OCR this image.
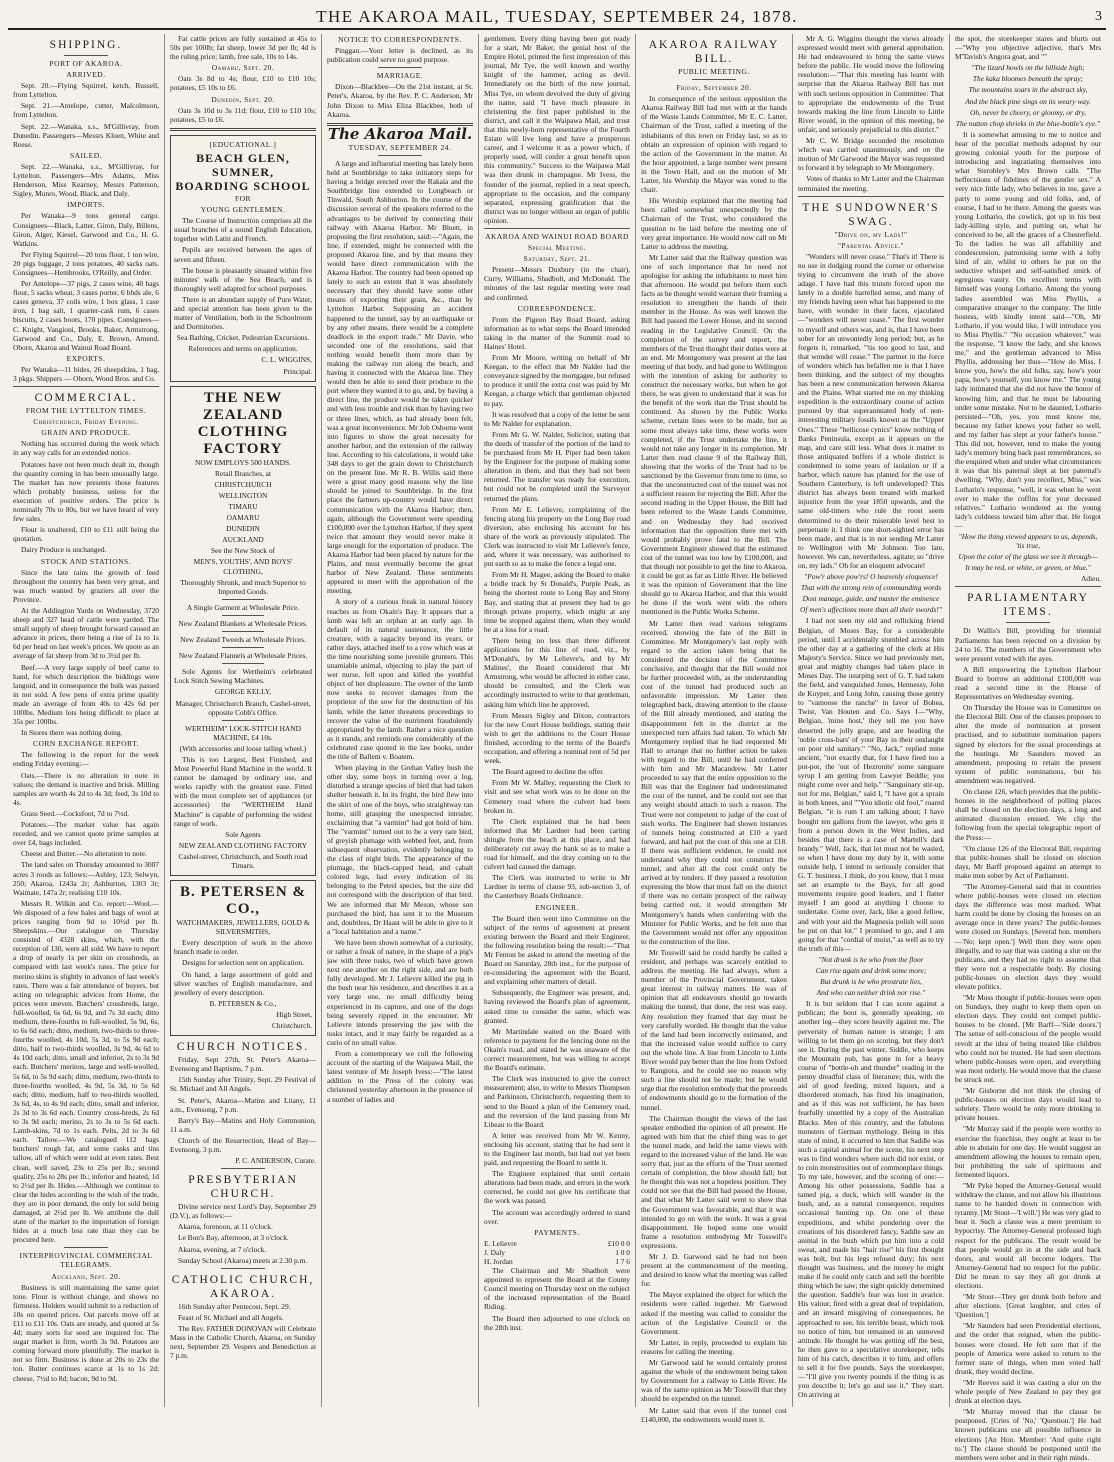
THE AKAROA MAIL, TUESDAY, SEPTEMBER 24, 1878.	3
SHIPPING.
PORT OF AKAROA.
ARRIVED.

Sept. 20.—Flying Squirrel, ketch, Russell, from Lyttelton.

Sept. 21.—Antelope, cutter, Malcolmson, from Lyttelton.

Sept. 22.—Wanaka, s.s., M'Gillivray, from Dunedin. Passengers—Messrs Kluen, White and Reese.

SAILED.

Sept. 22.—Wanaka, s.s., M'Gillivray, for Lyttelton. Passengers—Mrs Adams, Miss Henderson, Miss Kearney, Messrs Patterson, Sigley, Munro, Wood, Black, and Daly.

IMPORTS.

Per Wanaka—9 tons general cargo. Consignees—Black, Latter, Giron, Daly, Billens, Giron, Alger, Kiesel, Garwood and Co., H. G. Watkins.

Per Flying Squirrel—20 tons flour, 1 ton wire, 20 pigs luggage, 2 tons potatoes, 40 sacks oats. Consignees—Hembrooks, O'Reilly, and Order.

Per Antelope—37 pigs, 2 cases wine, 40 bags flour, 5 sacks wheat, 3 cases porter, 6 bhds ale, 6 cases geneva, 37 coils wire, 1 box glass, 1 case iron, 1 bag salt, 1 quarter-cask rum, 6 cases biscuits, 2 cases boots, 170 pipes. Consignees—C. Knight, Vangioni, Brooks, Baker, Armstrong, Garwood and Co., Daly, E. Brown, Amend, Oborn, Akaroa and Wainui Road Board.

EXPORTS.

Per Wanaka—11 bides, 26 sheepskins, 1 bag, 3 pkgs. Shippers — Oborn, Wood Bros. and Co.

COMMERCIAL.
FROM THE LYTTELTON TIMES.
Christchurch, Friday Evening.
GRAIN AND PRODUCE.

Nothing has occurred during the week which in any way calls for an extended notice.

Potatoes have not been much dealt in, though the quantity coming in has been unusually large. The market has now presents those features which probably business, unless for the execution of positive orders. The price is nominally 70s to 80s, but we have heard of very few sales.

Flour is unaltered, £10 to £11 still being the quotation.

Dairy Produce is unchanged.

STOCK AND STATIONS.

Since the late rains the growth of feed throughout the country has been very great, and was much wanted by graziers all over the Province.

At the Addington Yards on Wednesday, 3720 sheep and 327 head of cattle were yarded. The small supply of sheep brought forward caused an advance in prices, there being a rise of 1s to 1s 6d per head on last week's prices. We quote as an average of fat sheep from 3d to 3½d per lb.

Beef.—A very large supply of beef came to hand, for which description the biddings were languid, and in consequence the bulk was passed in not sold. A few pens of extra prime quality made an average of from 40s to 42s 6d per 100lbs. Medium lots being difficult to place at 35s per 100lbs.

In Stores there was nothing doing.

CORN EXCHANGE REPORT.

The following is the report for the week ending Friday evening:—

Oats.—There is no alteration to note in values; the demand is inactive and brisk. Milling samples are worth 4s 2d to 4s 3d; feed, 3s 10d to 4s.

Grass Seed.—Cocksfoot, 7d to 7½d.

Potatoes.—The market value has again receded, and we cannot quote prime samples at over £4, bags included.

Cheese and Butter.—No alteration to note.

The land sales on Thursday amounted to 3007 acres 3 roods as follows:—Ashley, 123; Selwyn, 250; Akaroa, 1243a 2r; Ashburton, 1303 3r; Waimate, 147a 2r; realising £10 10s.

Messrs R. Wilkin and Co. report:—Wool.—We disposed of a few bales and bags of wool at prices ranging from 9d to 10½d per lb. Sheepskins.—Our catalogue on Thursday consisted of 4328 skins, which, with the reception of 130, were all sold. We have to report a drop of nearly 1s per skin on crossbreds, as compared with last week's rates. The price for merino skins is slightly in advance of last week's rates. There was a fair attendance of buyers, but acting on telegraphic advices from Home, the prices were uneven. Butchers' crossbreds, large, full-woolled, 6s 6d, 6s 9d, and 7s 3d each; ditto medium, three-fourths to full-woolled, 5s 9d, 6s, to 6s 6d each; ditto, medium, two-thirds to three-fourths woolled, 4s 10d, 5s 3d, to 5s 9d each; ditto, half to two-thirds woolled, 3s 9d, 4s 6d to 4s 10d each; ditto, small and inferior, 2s to 3s 9d each. Butchers' merinos, large and well-woolled, 5s 6d, to 5s 9d each; ditto, medium, two-thirds to three-fourths woolled, 4s 9d, 5s 3d, to 5s 6d each; ditto, medium, half to two-thirds woolled, 3s 6d, 4s, to 4s 9d each; ditto, small and inferior, 2s 3d to 3s 6d each. Country cross-breds, 2s 6d to 3s 9d each; merino, 2s to 3s to 5s 6d each. Lamb-skins, 7d to 1s each. Pelts, 2d to 3s 6d each. Tallow.—We catalogued 112 bags butchers' rough fat, and some casks and tins tallow, all of which were sold at even rates. Best clean, well saved, 23s to 25s per lb.; second quality, 25s to 28s per lb.; inferior and heated, 1d to 2½d per lb. Hides.—Although we continue to clear the hides according to the wish of the trade, they are in poor demand, the only lot sold being damaged, at 2½d per lb. We attribute the dull state of the market to the importation of foreign hides at a much less rate than they can be procured here.

INTERPROVINCIAL COMMERCIAL TELEGRAMS.
Auckland, Sept. 20.

Business is still maintaining the same quiet tone. Flour is without change, and shows no firmness. Holders would submit to a reduction of 10s on quoted prices. Oat parcels move off at £11 to £11 10s. Oats are steady, and quoted at 5s 4d; many sorts for seed are inquired for. The sugar market is firm, worth 3s 9d. Potatoes are coming forward more plentifully. The market is not so firm. Business is done at 20s to 23s the ton. Butter continues scarce at 1s to 1s 2d; cheese, 7½d to 8d; bacon, 9d to 9d.

Fat cattle prices are fully sustained at 45s to 50s per 100lb; fat sheep, lower 3d per lb; 4d is the ruling price; lamb, free sale, 10s to 14s.

Oamaru, Sept. 20.

Oats 3s 8d to 4s; flour, £10 to £10 10s; potatoes, £5 10s to £6.

Dunedin, Sept. 20.

Oats 3s 10d to 3s 11d; flour, £10 to £10 10s; potatoes, £5 to £6.

[EDUCATIONAL.]
BEACH GLEN, SUMNER,
BOARDING SCHOOL
FOR
YOUNG GENTLEMEN.

The Course of Instruction comprises all the usual branches of a sound English Education, together with Latin and French.

Pupils are received between the ages of seven and fifteen.

The house is pleasantly situated within five minutes' walk of the Sea Beach, and is thoroughly well adapted for school purposes.

There is an abundant supply of Pure Water, and special attention has been given to the matter of Ventilation, both in the Schoolroom and Dormitories.

Sea Bathing, Cricket, Pedestrian Excursions.

References and terms on application.

C. L. WIGGINS,

Principal.

THE NEW ZEALAND CLOTHING FACTORY

NOW EMPLOYS 500 HANDS.

Retail Branches, at

CHRISTCHURCH

WELLINGTON

TIMARU

OAMARU

DUNEDIN

AUCKLAND

See the New Stock of

MEN'S, YOUTHS', AND BOYS' CLOTHING,

Thoroughly Shrunk, and much Superior to Imported Goods.

A Single Garment at Wholesale Price.

New Zealand Blankets at Wholesale Prices.

New Zealand Tweeds at Wholesale Prices.

New Zealand Flannels at Wholesale Prices.

Sole Agents for Wertheim's celebrated Lock Stitch Sewing Machines.

GEORGE KELLY,

Manager, Christchurch Branch, Cashel-street, opposite Cobb's Office.

WERTHEIM" LOCK-STITCH HAND MACHINE, £4 10s.

(With accessories and loose tailing wheel.)

This is too Largest, Best Finished, and Most Powerful Hand Machine in the world. It cannot be damaged by ordinary use, and works rapidly with the greatest ease. Fitted with the most complete set of appliances (or accessories) the "WERTHEIM Hand Machine" is capable of performing the widest range of work.

Sole Agents

NEW ZEALAND CLOTHING FACTORY

Cashel-street, Christchurch, and South road Timaru.

B. PETERSEN & CO.,

WATCHMAKERS, JEWELLERS, GOLD & SILVERSMITHS,

Every description of work in the above branch made to order.

Designs for selection sent on application.

On hand, a large assortment of gold and silver watches of English manufacture, and jewellery of every description.

B. PETERSEN & Co.,

High Street,

Christchurch.

CHURCH NOTICES.

Friday, Sept 27th, St. Peter's Akaroa—Evensong and Baptisms, 7 p.m.

15th Sunday after Trinity, Sept. 29 Festival of St. Michael and All Angels.

St. Peter's, Akaroa—Matins and Litany, 11 a.m., Evensong, 7 p.m.

Barry's Bay—Matins and Holy Communion, 11 a.m.

Church of the Resurrection, Head of Bay—Evensong, 3 p.m.

P. C. ANDERSON, Curate.

PRESBYTERIAN CHURCH.

Divine service next Lord's Day, September 29 (D.V.), as follows:—

Akaroa, forenoon, at 11 o'clock.

Le Bon's Bay, afternoon, at 3 o'clock.

Akaroa, evening, at 7 o'clock.

Sunday School (Akaroa) meets at 2.30 p.m.

CATHOLIC CHURCH, AKAROA.

16th Sunday after Pentecost, Sept. 29.

Feast of St. Michael and all Angels.

The Rev. FATHER DONOVAN will Celebrate Mass in the Catholic Church, Akaroa, on Sunday next, September 29. Vespers and Benediction at 7 p.m.

NOTICE TO CORRESPONDENTS.

Pinggan.—Your letter is declined, as its publication could serve no good purpose.

MARRIAGE.

Dixon—Blackbee—On the 21st instant, at St. Peter's, Akaroa, by the Rev. P. C. Anderson, Mr John Dixon to Miss Eliza Blackbee, both of Akaroa.

The Akaroa Mail.
TUESDAY, SEPTEMBER 24.

A large and influential meeting has lately been held at Southbridge to take initiatory steps for having a bridge erected over the Rakaia and the Southbridge line extended to Longbeach or Tinwald, South Ashburton. In the course of the discussion several of the speakers referred to the advantages to be derived by connecting their railway with Akaroa Harbor. Mr Bluett, in proposing the first resolution, said:—"Again, the line, if extended, might be connected with the proposed Akaroa line, and by that means they would have direct communication with the Akaroa Harbor. The country had been opened up lately to such an extent that it was absolutely necessary that they should have some other means of exporting their grain, &c., than by Lyttelton Harbor. Supposing an accident happened to the tunnel, say by an earthquake or by any other means, there would be a complete deadlock in the export trade." Mr Davie, who seconded one of the resolutions, said that nothing would benefit them more than by making the railway run along the beach, and having it connected with the Akaroa line. They would then be able to send their produce to the port where they wanted it to go, and, by having a direct line, the produce would be taken quicker and with less trouble and risk than by having two or three lines, which, as had already been felt, was a great inconvenience. Mr Job Osborne went into figures to show the great necessity for another harbor, and the extension of the railway line. According to his calculations, it would take 348 days to get the grain down to Christchurch on the present line. Mr R. B. Willis said there were a great many good reasons why the line should be joined to Southbridge. In the first place the farmers up-country would have direct communication with the Akaroa Harbor; then, again, although the Government were spending £100,000 over the Lyttelton Harbor, if they spent twice that amount they would never make it large enough for the exportation of produce. The Akaroa Harbor had been placed by nature for the Plains, and must eventually become the great harbor of New Zealand. These sentiments appeared to meet with the approbation of the meeting.

A story of a curious freak in natural history reaches us from Okain's Bay. It appears that a lamb was left an orphan at an early age. In default of its natural sustenance, the little creature, with a sagacity beyond its years, or rather days, attached itself to a cow which was at the time nourishing some juvenile grunters. This unamiable animal, objecting to play the part of wet nurse, fell upon and killed the youthful object of her displeasure. The owner of the lamb now seeks to recover damages from the proprietor of the sow for the destruction of his lamb, while the latter threatens proceedings to recover the value of the nutriment fraudulently appropriated by the lamb. Rather a nice question as it stands, and reminds one considerably of the celebrated case quoted in the law books, under the title of Ballem v. Boatem.

When playing in the Grehan Valley bush the other day, some boys in turning over a log, disturbed a strange species of bird that had taken shelter beneath it. In its fright, the bird flew into the skirt of one of the boys, who straightway ran home, still grasping the unexpected intruder, exclaiming that "a varmint" had got hold of him. The "varmint" turned out to be a very rare bird, of greyish plumage with webbed feet, and, from subsequent observation, evidently belonging to the class of night birds. The appearance of the plumage, the black-capped head, and cabalt colored legs, had every indication of its belonging to the Petrel species, but the size did not correspond with the description of that bird. We are informed that Mr Meson, whose son purchased the bird, has sent it to the Museum and, doubtless, Dr Haast will be able to give to it a "local habitation and a name."

We have been shown somewhat of a curiosity, or rather a freak of nature, in the shape of a pig's jaw with three tusks, two of which have grown next one another on the right side, and are both fully developed. Mr J. Lelievre killed the pig in the bush near his residence, and describes it as a very large one, no small difficulty being experienced in its capture, and one of the dogs being severely ripped in the encounter. Mr Lelievre intends preserving the jaw with the tusks intact, and it may fairly be regarded as a curio of no small value.

From a contemporary we cull the following account of the starting of the Waipawa Mail, the latest venture of Mr Joseph Ivess:—"The latest addition to the Press of the colony was christened yesterday afternoon in the presence of a number of ladies and

gentlemen. Every thing having been got ready for a start, Mr Baker, the genial host of the Empire Hotel, printed the first impression of this journal, Mr Tye, the well known and worthy knight of the hammer, acting as devil. Immediately on the birth of the new journal, Miss Tye, on whom devolved the duty of giving the name, said "I have much pleasure in christening the first paper published in the district, and call it the Waipawa Mail, and trust that this newly-born representative of the Fourth Estate will live long and have a prosperous career, and I welcome it as a power which, if properly used, will confer a great benefit upon this community." Success to the Waipawa Mail was then drunk in champagne. Mr Ivess, the founder of the journal, replied in a neat speech, appropriate to the occasion, and the company separated, expressing gratification that the district was no longer without an organ of public opinion.

AKAROA AND WAINUI ROAD BOARD
Special Meeting.
Saturday, Sept. 21.

Present—Messrs Duxbury (in the chair), Curry, Williams, Shadbolt, and McDonald. The minutes of the last regular meeting were read and confirmed.

CORRESPONDENCE.

From the Pigeon Bay Road Board, asking information as to what steps the Board intended taking in the matter of the Summit road to Haines' Hotel.

From Mr Moore, writing on behalf of Mr Keegan, to the effect that Mr Nalder had the conveyance signed by the mortgagee, but refused to produce it until the extra cost was paid by Mr Keegan, a charge which that gentleman objected to pay.

It was resolved that a copy of the letter be sent to Mr Nalder for explanation.

From Mr G. W. Nalder, Solicitor, stating that the deeds of transfer of the portion of the land to be purchased from Mr H. Piper had been taken by the Engineer for the purpose of making some alteration in them, and that they had not been returned. The transfer was ready for execution, but could not be completed until the Surveyor returned the plans.

From Mr E. Lelievre, complaining of the fencing along his property on the Long Bay road diversion, also enclosing his account for his share of the work as previously stipulated. The Clerk was instructed to visit Mr Lelievre's fence, and, where it was necessary, was authorised to put earth so as to make the fence a legal one.

From Mr H. Magee, asking the Board to make a bridle track by St Donald's, Purple Peak, as being the shortest route to Long Bay and Stony Bay, and stating that at present they had to go through private property, which might at any time be stopped against them, when they would be at a loss for a road.

There being no less than three different applications for this line of road, viz., by M'Donald's, by Mr Lelievre's, and by Mr Malines', the Board considered that Mr Armstrong, who would be affected in either case, should be consulted, and the Clerk was accordingly instructed to write to that gentleman, asking him which line he approved.

From Messrs Sigley and Dixon, contractors for the new Court House buildings, stating their wish to get the additions to the Court House finished, according to the terms of the Board's occupation, and offering a nominal rent of 5d per week.

The Board agreed to decline the offer.

From Mr W. Malley, requesting the Clerk to visit and see what work was to be done on the Cemetery road where the culvert had been broken in.

The Clerk explained that he had been informed that Mr Lardner had been carting shingle from the beach at this place, and had deliberately cut away the bank so as to make a road for himself, and the dray coming on to the culvert had caused the damage.

The Clerk was instructed to write to Mr Lardner in terms of clause 93, sub-section 3, of the Canterbury Roads Ordinance.

ENGINEER.

The Board then went into Committee on the subject of the terms of agreement at present existing between the Board and their Engineer, the following resolution being the result:—"That Mr Fenton be asked to attend the meeting of the Board on Saturday, 28th inst., for the purpose of re-considering the agreement with the Board, and explaining other matters of detail.

Subsequently, the Engineer was present, and, having reviewed the Board's plan of agreement, asked time to consider the same, which was granted.

Mr Martindale waited on the Board with reference to payment for the fencing done on the Okain's road, and stated he was unaware of the correct measurement, but was willing to accept the Board's estimate.

The Clerk was instructed to give the correct measurement; also, to write to Messrs Thompson and Parkinson, Christchurch, requesting them to send to the Board a plan of the Cemetery road, and the reversion of the land passing from Mr Libeau to the Board.

A letter was received from Mr W. Kenny, enclosing his account, stating that he had sent it to the Engineer last month, but had not yet been paid, and requesting the Board to settle it.

The Engineer explained that until certain alterations had been made, and errors in the work corrected, he could not give his certificate that the work was passed.

The account was accordingly ordered to stand over.

PAYMENTS.
E. Lelievre	£10 0 0
J. Daly	1 0 0
H. Jordan	1 7 6

The Chairman and Mr Shadbolt were appointed to represent the Board at the County Council meeting on Thursday next on the subject of the increased representation of the Board Riding.

The Board then adjourned to one o'clock on the 28th inst.

AKAROA RAILWAY BILL.
PUBLIC MEETING.
Friday, September 20.

In consequence of the serious opposition the Akaroa Railway Bill had met with at the hands of the Waste Lands Committee, Mr E. C. Latter, Chairman of the Trust, called a meeting of the inhabitants of this town on Friday last, so as to obtain an expression of opinion with regard to the action of the Government in the matter. At the hour appointed, a large number were present in the Town Hall, and on the motion of Mr Latter, his Worship the Mayor was voted to the chair.

His Worship explained that the meeting had been called somewhat unexpectedly by the Chairman of the Trust, who considered the question to be laid before the meeting one of very great importance. He would now call on Mr Latter to address the meeting.

Mr Latter said that the Railway question was one of such importance that he need not apologise for asking the inhabitants to meet him that afternoon. He would put before them such facts as he thought would warrant their framing a resolution to strengthen the hands of their member in the House. As was well known the Bill had passed the Lower House, and its second reading in the Legislative Council. On the completion of the survey and report, the members of the Trust thought their duties were at an end. Mr Montgomery was present at the last meeting of that body, and had gone to Wellington with the intention of asking for authority to construct the necessary works, but when he got there, he was given to understand that it was for the benefit of the work that the Trust should be continued. As shown by the Public Works scheme, certain lines were to be made, but as some must always take time, these works were completed, if the Trust undertake the line, it would not take any longer in its completion. Mr Latter then read clause 9 of the Railway Bill, showing that the works of the Trust had to be sanctioned by the Governor from time to time, so that the unconstructed cost of the tunnel was not a sufficient reason for rejecting the Bill. After the second reading in the Upper House, the Bill had been referred to the Waste Lands Committee, and on Wednesday they had received information that the opposition there met with would probably prove fatal to the Bill. The Government Engineer showed that the estimated cost of the tunnel was too low by £100,000, and that though not possible to get the line to Akaroa, it could be got as far as Little River. He believed it was the opinion of Government that the line should go to Akaroa Harbor, and that this would be done if the work went with the others mentioned in the Public Works Scheme.

Mr Latter then read various telegrams received, showing the fate of the Bill in Committee. Mr Montgomery's last reply with regard to the action taken being that he considered the decision of the Committee conclusive, and thought that the Bill would not be further proceeded with, as the understanding cost of the tunnel had produced such an unfavorable impression. Mr Latter then telegraphed back, drawing attention to the clause of the Bill already mentioned, and stating the disappointment felt in the district at the unexpected turn affairs had taken. To which Mr Montgomery replied that he had requested Mr Hall to arrange that no further action be taken with regard to the Bill, until he had conferred with him and Mr Macandrew. Mr Latter proceeded to say that the entire opposition to the Bill was that the Engineer had underestimated the cost of the tunnel, and he could not see that any weight should attach to such a reason. The Trust were not competent to judge of the cost of such works. The Engineer had shown instances of tunnels being constructed at £10 a yard forward, and had put the cost of this one at £18. If there was sufficient evidence, he could not understand why they could not construct the tunnel, and after all the cost could only be arrived at by tenders. If they passed a resolution expressing the blow that must fall on the district if there was no certain prospect of the railway being carried out, it would strengthen Mr Montgomery's hands when conferring with the Minister for Public Works, and he felt sure that the Government would not offer any opposition to the construction of the line.

Mr Tosswill said he could hardly be called a resident, and perhaps was scarcely entitled to address the meeting. He had always, when a member of the Provincial Government, taken great interest in railway matters. He was of opinion that all endeavours should go towards making the tunnel, that done, the rest was easy. Any resolution they framed that day must be very carefully worded. He thought that the value of the land had been incorrectly estimated, and that the increased value would suffice to carry out the whole line. A line from Lincoln to Little River would pay better than the line from Oxford to Rangiora, and he could see no reason why such a line should not be made; but he would urge that the resolution embody that the proceeds of endowments should go to the formation of the tunnel.

The Chairman thought the views of the last speaker embodied the opinion of all present. He agreed with him that the chief thing was to get the tunnel made, and held the same views with regard to the increased value of the land. He was sorry that, just as the efforts of the Trust seemed certain of completion, the blow should fall; but he thought this was not a hopeless position. They could not see that the Bill had passed the House, and that what Mr Latter said went to show that the Government was favourable, and that it was intended to go on with the work. It was a great disappointment. He hoped some one would frame a resolution embodying Mr Tosswill's expressions.

Mr J. D. Garwood said he had not been present at the commencement of the meeting, and desired to know what the meeting was called for.

The Mayor explained the object for which the residents were called together. Mr Garwood asked if the meeting was called to consider the action of the Legislative Council or the Government.

Mr Latter, in reply, proceeded to explain his reasons for calling the meeting.

Mr Garwood said he would certainly protest against the whole of the endowment being taken by Government for a railway to Little River. He was of the same opinion as Mr Tosswill that they should be expended on the tunnel.

Mr Latter said that even if the tunnel cost £140,000, the endowments would meet it.

Mr A. G. Wiggins thought the views already expressed would meet with general approbation. He had endeavoured to bring the same views before the public. He would move the following resolution:—"That this meeting has learnt with surprise that the Akaroa Railway Bill has met with such serious opposition in Committee: That to appropriate the endowments of the Trust towards making the line from Lincoln to Little River would, in the opinion of this meeting, be unfair, and seriously prejudicial to this district."

Mr C. W. Bridge seconded the resolution which was carried unanimously, and on the motion of Mr Garwood the Mayor was requested to forward it by telegraph to Mr Montgomery.

Votes of thanks to Mr Latter and the Chairman terminated the meeting.

THE SUNDOWNER'S SWAG.
"Drive on, my Lads!"
"Parental Advice."

"Wonders will never cease." That's it! There is no use in dodging round the corner or otherwise trying to circumvent the truth of the above adage. I have had this truism forced upon me lately in a double barrelled sense, and many of my friends having seen what has happened to me have, with wonder in their faces, ejaculated—"wonders will never cease." The first wonder to myself and others was, and is, that I have been sober for an unwontedly long period; but, as he forgets it, remarked, "'tis too good to last, and that wonder will cease." The partner in the force of wonders which has befallen me is that I have been thinking, and the subject of my thoughts has been a new communication between Akaroa and the Plains. What started me on my thinking expedition is the extraordinary course of action pursued by that superannuated body of non-interesting military fossils known as the "Upper Ones." These "bellicose cynics" know nothing of Banks Peninsula, except as it appears on the map, and care still less. What does it matter to those antiquated buffers if a whole district is condemned to some years of isolation or if a harbor, which nature has planted for the use of Southern Canterbury, is left undeveloped? This district has always been treated with marked injustice from the year 1850 upwards, and the same old-timers who rule the roost seem determined to do their miserable level best to perpetuate it. I think one short-sighted error has been made, and that is in not sending Mr Latter to Wellington with Mr Johnson. Too late, however. We can, nevertheless, agitate; so "drive on, my lads." Oh for an eloquent advocate!

"Pow'r above pow'rs! O heavenly eloquence!

That with the strong rein of commanding words

Dost manage, guide, and master the eminence

Of men's affections more than all their swords!"

I had not seen my old and rollicking friend Belgian, of Moses Bay, for a considerable period, until I accidentally stumbled across him the other day at a gathering of the clerk at His Majesty's Service. Since we had previously met, great and mighty changes had taken place in Moses Day. The usurping sect of G. T. had taken the field, and vanquished Jones, Hennessy, John de Kuyper, and Long John, causing those gentry to "vamoose the ranche" in favor of Bohea, Twist, Van Houten and Co. Says I—"Why, Belgian, 'mine host,' they tell me you have deserted the jolly grape, and are heading the 'noble cross-bars' of your Bay in their onslaught on poor old sanitary." "No, Jack," replied mine ancient, "not exactly that, for I have fired too a pot-pot, the 'out of Hezronite' some sanguare syrup I am getting from Lawyer Beddle; you might come over and help." "Sanguinary stir-up, not for me, Belgian," said I, "I have got a sprain in both knees, and ""You idiotic old fool," roared Belgian, "it is rum I am talking about; I have bought ten gallons from the lawyer, who gets it from a person down in the West Indies, and besides that there is a case of Martell's dark brandy." Well, Jack, that lot must not be wasted, so when I have done my duty by it, with some outside help, I intend to seriously consider that G. T. business. I think, do you know, that I must set an example to the Bays, for all good movements require good leaders, and I flatter myself I am good at anything I choose to undertake. Come over, Jack, like a good fellow, and with your aid the Magnesia polish will soon be put on that lot." I promised to go, and I am going for that "cordial of moist," as well as to try the truth of this—

"Not drunk is he who from the floor

Can rise again and drink some more;

But drunk is he who prostrate lies,

And who can neither drink nor rise."

It is but seldom that I can score against a publican; the boot is, generally speaking, on another leg—they score heavily against me. The perversity of human nature is strange; I am willing to let them go on scoring, but they don't see it. During the past winter, Siddle, who keeps the Mountain pub, has gone in for a heavy course of "bottle-oh and thunder" reading in the penny dreadful class of literature; this, with the aid of good feeding, mixed liquors, and a disordered stomach, has fired his imagination, and as if this was not sufficient, he has been fearfully unsettled by a copy of the Australian Blacks. Men of this country, and the fabulous monsters of German mythology. Being in this state of mind, it occurred to him that Saddle was such a capital animal for the scene, his next step was to find wonders where such did not exist, or to coin monstrosities out of commonplace things. To my tale, however, and the scoring of one:—Among his other possessions, Saddle has a tamed pig, a duck, which will wander in the bush, and, as a natural consequence, requires occasional hunting up. On one of these expeditions, and whilst pondering over the creations of his disordered fancy, Saddle saw an animal in the bush which put him into a cold sweat, and made his "hair rise" his first thought was bolt, but his legs refused duty; his next thought was business, and the money he might make if he could only catch and sell the horrible thing which he saw; the sight quickly determined the question. Saddle's fear was lost in avarice. His valour, fired with a great deal of trepidation, and an inward misgiving of consequences, he approached to see, his terrible beast, which took no notice of him, but remained in an unmoved attitude. He thought he was getting off the best, he then gave to a speculative storekeeper, tells him of his catch, describes it to him, and offers to sell it for five pounds. Says the storekeeper,—"I'll give you twenty pounds if the thing is as you describe it; let's go and see it." They start. On arriving at

the spot, the storekeeper stares and blurts out—"Why you objective adjective, that's Mrs M'Tavish's Angora goat, and ""

"The lizard howls on the hillside high;

The kaka bloomes beneath the spray;

The mountains soars in the abstract sky,

And the black pine sings on its weary way.

Oh, never be cheery, or gloomy, or dry,

The nutton chop shrieks in the blue-bottle's eye."

It is somewhat amusing to me to notice and hear of the peculiar methods adopted by our growing colonial youth for the purpose of introducing and ingratiating themselves into what Sterobley's Mrs Brown calls "The heffectsions of fidelines of the gentler sex." A very nice little lady, who believes in me, gave a party to some young and old folks, and, of course, I had to be there. Among the guests was young Lothario, the cowlick, got up in his best lady-killing style, and putting on, what he conceived to be, all the graces of a Chesterfield. To the ladies he was all affability and condescension, patronising some with a lofty kind of air, whilst to others he put on the seductive whisper and self-satisfied smirk of egregious vanity. On excellent terms with himself was young Lothario. Among the young ladies assembled was Miss Phyllis, a comparative stranger to the company. The little hostess, with kindly intent said—"Oh, Mr Lothario, if you would like, I will introduce you to Miss Phyllis." "No occasion whatever," was the response, "I know the lady, and she knows me," and the gentleman advanced to Miss Phyllis, addressing her thus—"How do Miss, I know you, how's the old folks, say, how's your papa, how's yourself, you know me." The young lady intimated that she did not have the honor of knowing him, and that he must be labouring under some mistake. Not to be daunted, Lothario persisted—"Oh, yes, you must know me, because my father knows your father so well, and my father has slept at your father's house." This did not, however, tend to make the young lady's memory bring back past remembrances, so the enquired when and under what circumstances it was that his paternal slept at her paternal's dwelling. "Why, don't you recollect, Miss," was Lothario's response, "well, it was when he went over to make the coffins for your deceased relatives." Lothario wondered as the young lady's coldness toward him after that. He forgot—

"How the thing viewed appears to us, depends, 'tis true,

Upon the color of the glass we see it through—

It may be red, or white, or green, or blue."

Adieu.

PARLIAMENTARY ITEMS.

Dr Wallis's Bill, providing for triennial Parliaments has been rejected on a division by 24 to 16. The members of the Government who were present voted with the ayes.

A Bill empowering the Lyttelton Harbour Board to borrow an additional £100,000 was read a second time in the House of Representatives on Wednesday evening.

On Thursday the House was in Committee on the Electoral Bill. One of the clauses proposes to alter the mode of nomination at present practised, and to substitute nomination papers signed by electors for the usual proceedings at the hustings. Mr Saunders moved an amendment, proposing to retain the present system of public nominations, but his amendment was negatived.

On clause 126, which provides that the public-houses in the neighborhood of polling places shall be closed on the election days, a long and animated discussion ensued. We clip the following from the special telegraphic report of the Press:—

"On clause 126 of the Electoral Bill, requiring that public-houses shall be closed on election days, Mr Barff proposed against an attempt to make men sober by Act of Parliament.

"The Attorney-General said that in countries where public-houses were closed on election days the difference was most marked. What harm could be done by closing the houses on an average once in three years? The public-houses were closed on Sundays. [Several hon. members—'No; kept open.'] Well then they were open illegally, and to say that was casting a slur on the publicans, and they had no right to assume that they were not a respectable body. By closing public-houses on election days they would elevate politics.

"Mr Moss thought if public-houses were open on Sundays, they ought to keep them open on election days. They could not compel public-houses to be closed. [Mr Barff—'Side doors.'] The sense of self-conscious of the people would revolt at the idea of being treated like children who could not be trusted. He had seen elections where public-houses were open, and everything was most orderly. He would move that the clause be struck out.

"Mr Gisborne did not think the closing of public-houses on election days would lead to sobriety. There would be only more drinking in private houses.

"Mr Murray said if the people were worthy to exercise the franchise, they ought at least to be able to abstain for one day. He would suggest an amendment allowing the houses to remain open, but prohibiting the sale of spirituous and fermented liquors.

"Mr Pyke hoped the Attorney-General would withdraw the clause, and not allow his illustrious name to be handed down in connection with tyranny. [Mr Stout—'I will.'] He was very glad to hear it. Such a clause was a mere premium to hypocrisy. The Attorney-General professed high respect for the publicans. The result would be that people would go in at the side and back doors, and would all become lodgers. The Attorney-General had no respect for the public. Did he mean to say they all got drunk at elections.

"Mr Stout—They get drunk both before and after elections. [Great laughter, and cries of 'Question.']

"Mr Saunders had seen Presidential elections, and the order that reigned, when the public-houses were closed. He felt sure that if the people of America were asked to return to the former state of things, when men voted half drunk, they would decline.

"Mr Reeves said it was casting a slur on the whole people of New Zealand to pay they got drunk at election days.

"Mr Murray moved that the clause be postponed. [Cries of 'No,' 'Question.'] He had known publicans use all possible influence in elections [An Hon. Member: 'And quite right to.'] The clause should be postponed until the members were sober and in their right minds.
